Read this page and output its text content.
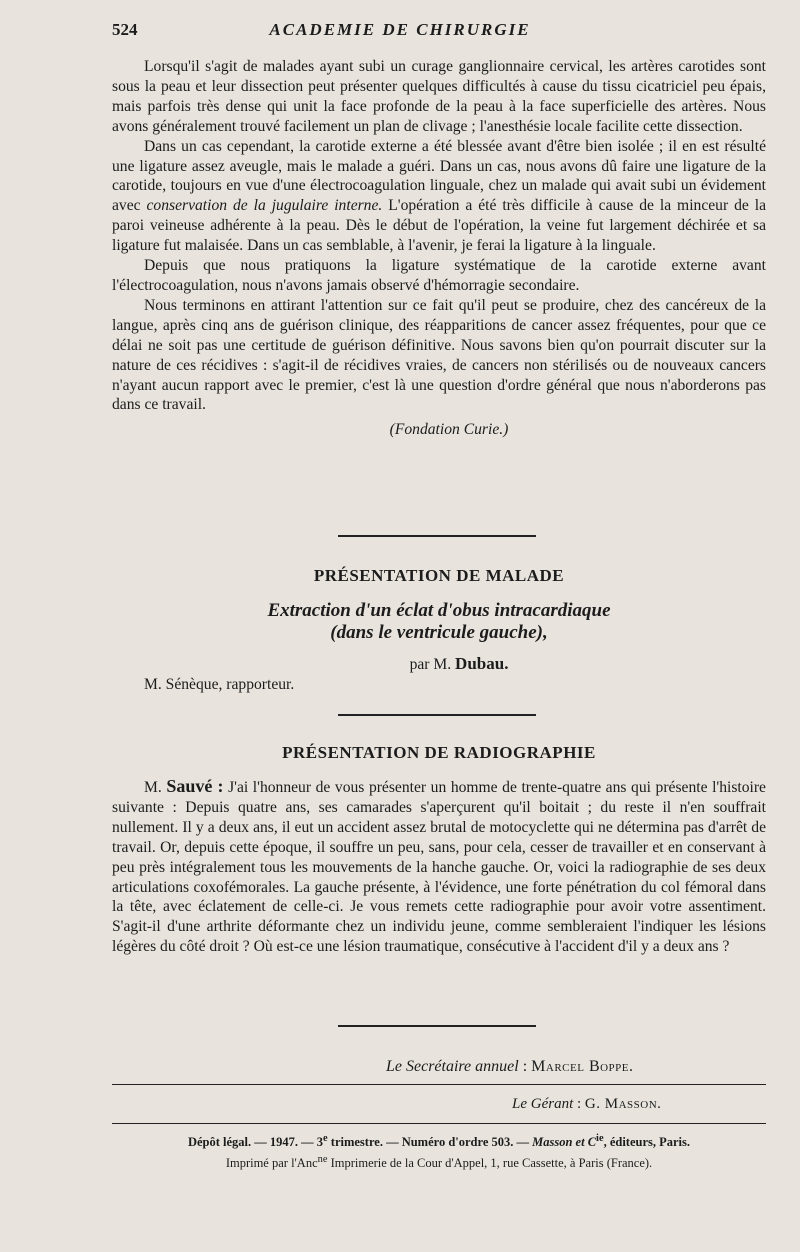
524	ACADEMIE DE CHIRURGIE

Lorsqu'il s'agit de malades ayant subi un curage ganglionnaire cervical, les artères carotides sont sous la peau et leur dissection peut présenter quelques difficultés à cause du tissu cicatriciel peu épais, mais parfois très dense qui unit la face profonde de la peau à la face superficielle des artères. Nous avons généralement trouvé facilement un plan de clivage ; l'anesthésie locale facilite cette dissection.

Dans un cas cependant, la carotide externe a été blessée avant d'être bien isolée ; il en est résulté une ligature assez aveugle, mais le malade a guéri. Dans un cas, nous avons dû faire une ligature de la carotide, toujours en vue d'une électrocoagulation linguale, chez un malade qui avait subi un évidement avec conservation de la jugulaire interne. L'opération a été très difficile à cause de la minceur de la paroi veineuse adhérente à la peau. Dès le début de l'opération, la veine fut largement déchirée et sa ligature fut malaisée. Dans un cas semblable, à l'avenir, je ferai la ligature à la linguale.

Depuis que nous pratiquons la ligature systématique de la carotide externe avant l'électrocoagulation, nous n'avons jamais observé d'hémorragie secondaire.

Nous terminons en attirant l'attention sur ce fait qu'il peut se produire, chez des cancéreux de la langue, après cinq ans de guérison clinique, des réapparitions de cancer assez fréquentes, pour que ce délai ne soit pas une certitude de guérison définitive. Nous savons bien qu'on pourrait discuter sur la nature de ces récidives : s'agit-il de récidives vraies, de cancers non stérilisés ou de nouveaux cancers n'ayant aucun rapport avec le premier, c'est là une question d'ordre général que nous n'aborderons pas dans ce travail.

(Fondation Curie.)
PRÉSENTATION DE MALADE
Extraction d'un éclat d'obus intracardiaque
(dans le ventricule gauche),
par M. Dubau.
M. Sénèque, rapporteur.
PRÉSENTATION DE RADIOGRAPHIE

M. Sauvé : J'ai l'honneur de vous présenter un homme de trente-quatre ans qui présente l'histoire suivante : Depuis quatre ans, ses camarades s'aperçurent qu'il boitait ; du reste il n'en souffrait nullement. Il y a deux ans, il eut un accident assez brutal de motocyclette qui ne détermina pas d'arrêt de travail. Or, depuis cette époque, il souffre un peu, sans, pour cela, cesser de travailler et en conservant à peu près intégralement tous les mouvements de la hanche gauche. Or, voici la radiographie de ses deux articulations coxofémorales. La gauche présente, à l'évidence, une forte pénétration du col fémoral dans la tête, avec éclatement de celle-ci. Je vous remets cette radiographie pour avoir votre assentiment. S'agit-il d'une arthrite déformante chez un individu jeune, comme sembleraient l'indiquer les lésions légères du côté droit ? Où est-ce une lésion traumatique, consécutive à l'accident d'il y a deux ans ?

Le Secrétaire annuel : Marcel Boppe.
Le Gérant : G. Masson.
Dépôt légal. — 1947. — 3e trimestre. — Numéro d'ordre 503. — Masson et $C^{ie}$, éditeurs, Paris.
Imprimé par l'Anc$^{ne}$ Imprimerie de la Cour d'Appel, 1, rue Cassette, à Paris (France).
